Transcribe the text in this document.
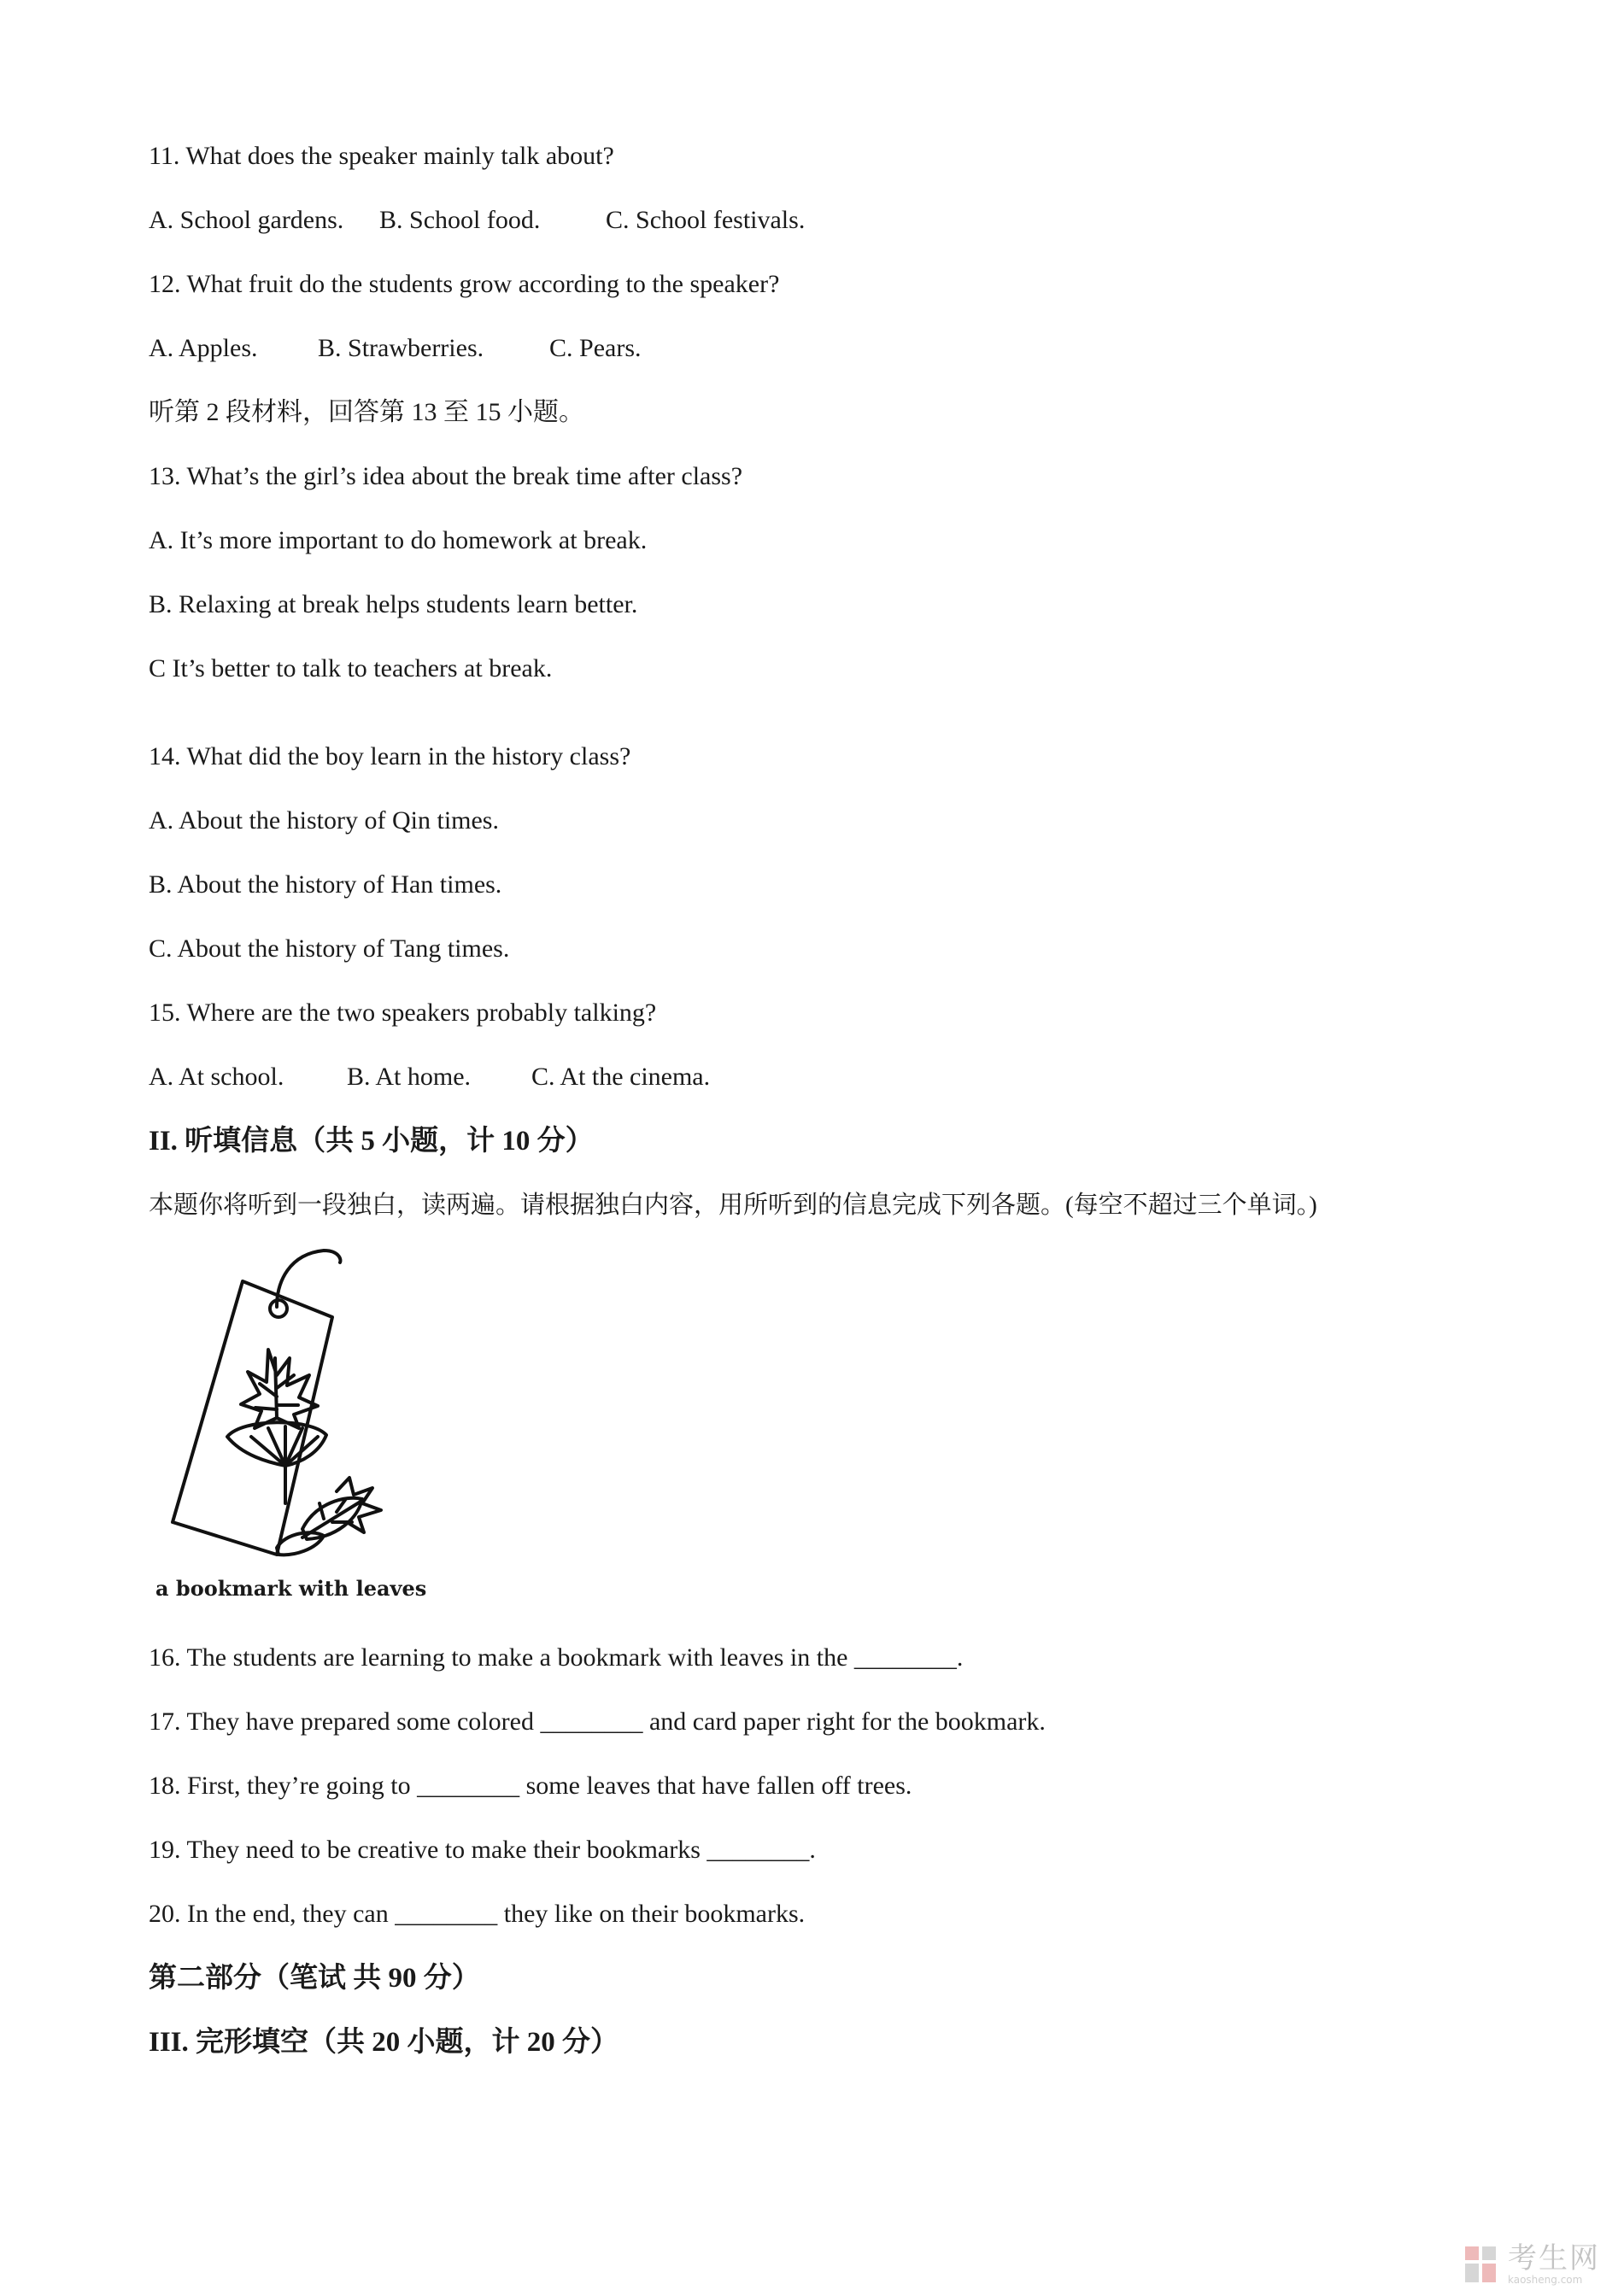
11. What does the speaker mainly talk about?
A. School gardens. B. School food.	C. School festivals.
12. What fruit do the students grow according to the speaker?
A. Apples. B. Strawberries.	C. Pears.
听第 2 段材料，回答第 13 至 15 小题。
13. What’s the girl’s idea about the break time after class?
A. It’s more important to do homework at break.
B. Relaxing at break helps students learn better.
C It’s better to talk to teachers at break.
14. What did the boy learn in the history class?
A. About the history of Qin times.
B. About the history of Han times.
C. About the history of Tang times.
15. Where are the two speakers probably talking?
A. At school. B. At home. C. At the cinema.
II. 听填信息（共 5 小题，计 10 分）
本题你将听到一段独白，读两遍。请根据独白内容，用所听到的信息完成下列各题。(每空不超过三个单词。)
a bookmark with leaves
16. The students are learning to make a bookmark with leaves in the ________.
17. They have prepared some colored ________ and card paper right for the bookmark.
18. First, they’re going to ________ some leaves that have fallen off trees.
19. They need to be creative to make their bookmarks ________.
20. In the end, they can ________ they like on their bookmarks.
第二部分（笔试 共 90 分）
III. 完形填空（共 20 小题，计 20 分）
考生网
kaosheng.com
